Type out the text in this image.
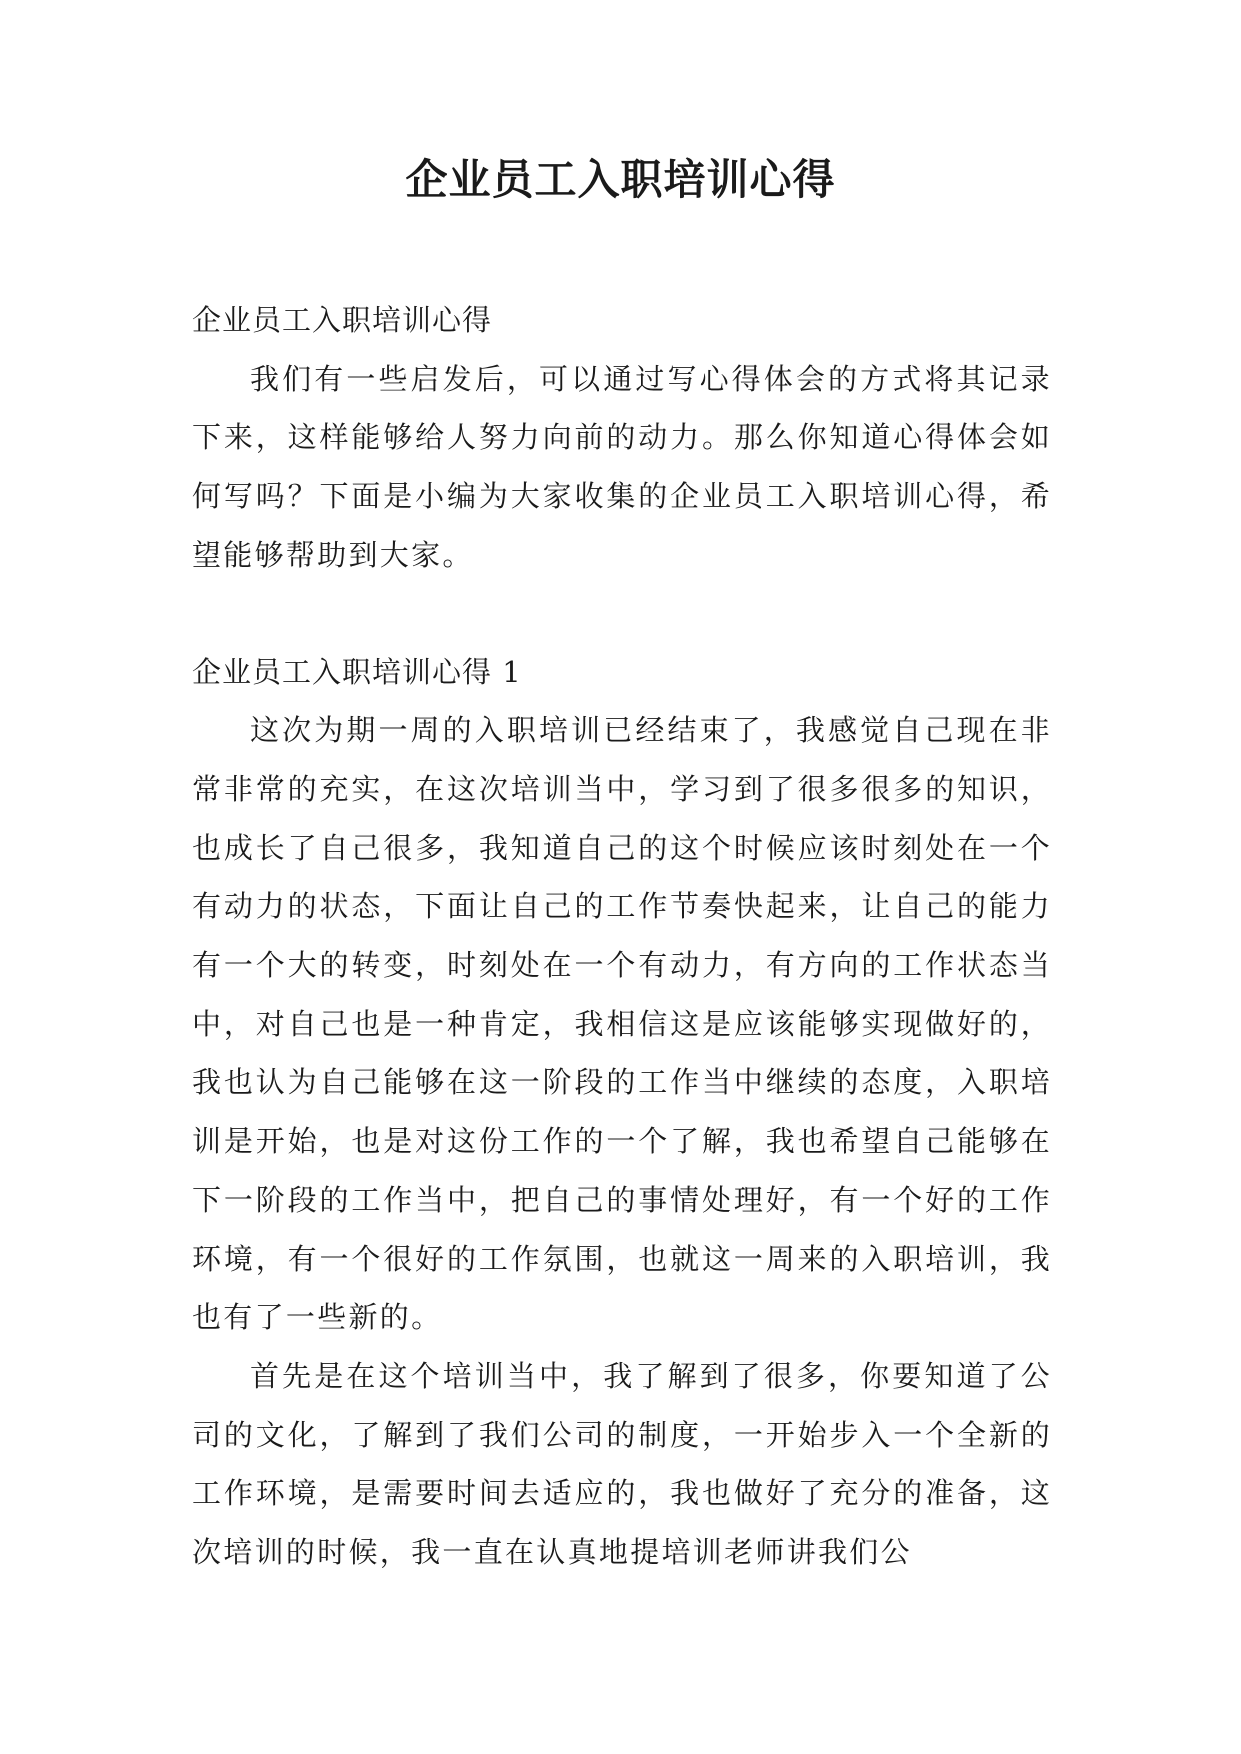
企业员工入职培训心得

企业员工入职培训心得

我们有一些启发后，可以通过写心得体会的方式将其记录下来，这样能够给人努力向前的动力。那么你知道心得体会如何写吗？下面是小编为大家收集的企业员工入职培训心得，希望能够帮助到大家。

企业员工入职培训心得 1

这次为期一周的入职培训已经结束了，我感觉自己现在非常非常的充实，在这次培训当中，学习到了很多很多的知识，也成长了自己很多，我知道自己的这个时候应该时刻处在一个有动力的状态，下面让自己的工作节奏快起来，让自己的能力有一个大的转变，时刻处在一个有动力，有方向的工作状态当中，对自己也是一种肯定，我相信这是应该能够实现做好的，我也认为自己能够在这一阶段的工作当中继续的态度，入职培训是开始，也是对这份工作的一个了解，我也希望自己能够在下一阶段的工作当中，把自己的事情处理好，有一个好的工作环境，有一个很好的工作氛围，也就这一周来的入职培训，我也有了一些新的。

首先是在这个培训当中，我了解到了很多，你要知道了公司的文化，了解到了我们公司的制度，一开始步入一个全新的工作环境，是需要时间去适应的，我也做好了充分的准备，这次培训的时候，我一直在认真地提培训老师讲我们公
